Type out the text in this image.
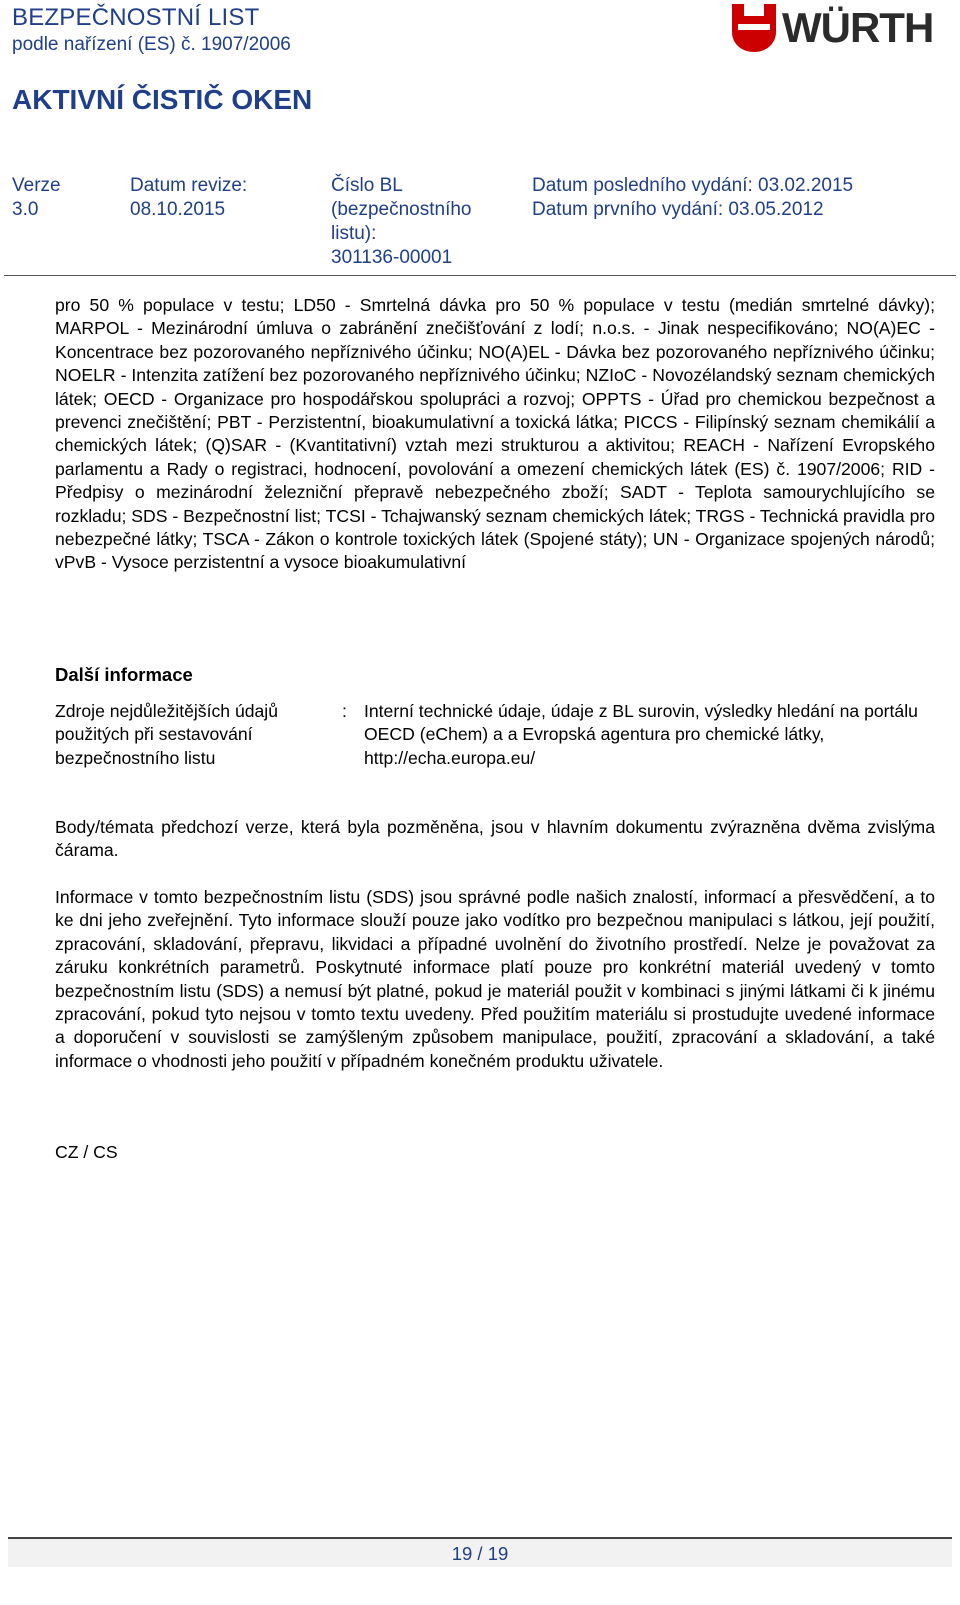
BEZPEČNOSTNÍ LIST
podle nařízení (ES) č. 1907/2006
AKTIVNÍ ČISTIČ OKEN
WÜRTH
Verze
3.0
Datum revize:
08.10.2015
Číslo BL
(bezpečnostního
listu):
301136-00001
Datum posledního vydání: 03.02.2015
Datum prvního vydání: 03.05.2012
pro 50 % populace v testu; LD50 - Smrtelná dávka pro 50 % populace v testu (medián smrtelné dávky); MARPOL - Mezinárodní úmluva o zabránění znečišťování z lodí; n.o.s. - Jinak nespecifikováno; NO(A)EC - Koncentrace bez pozorovaného nepříznivého účinku; NO(A)EL - Dávka bez pozorovaného nepříznivého účinku; NOELR - Intenzita zatížení bez pozorovaného nepříznivého účinku; NZIoC - Novozélandský seznam chemických látek; OECD - Organizace pro hospodářskou spolupráci a rozvoj; OPPTS - Úřad pro chemickou bezpečnost a prevenci znečištění; PBT - Perzistentní, bioakumulativní a toxická látka; PICCS - Filipínský seznam chemikálií a chemických látek; (Q)SAR - (Kvantitativní) vztah mezi strukturou a aktivitou; REACH - Nařízení Evropského parlamentu a Rady o registraci, hodnocení, povolování a omezení chemických látek (ES) č. 1907/2006; RID - Předpisy o mezinárodní železniční přepravě nebezpečného zboží; SADT - Teplota samourychlujícího se rozkladu; SDS - Bezpečnostní list; TCSI - Tchajwanský seznam chemických látek; TRGS - Technická pravidla pro nebezpečné látky; TSCA - Zákon o kontrole toxických látek (Spojené státy); UN - Organizace spojených národů; vPvB - Vysoce perzistentní a vysoce bioakumulativní
Další informace
Zdroje nejdůležitějších údajů použitých při sestavování bezpečnostního listu
: Interní technické údaje, údaje z BL surovin, výsledky hledání na portálu OECD (eChem) a a Evropská agentura pro chemické látky, http://echa.europa.eu/
Body/témata předchozí verze, která byla pozměněna, jsou v hlavním dokumentu zvýrazněna dvěma zvislýma čárama.
Informace v tomto bezpečnostním listu (SDS) jsou správné podle našich znalostí, informací a přesvědčení, a to ke dni jeho zveřejnění. Tyto informace slouží pouze jako vodítko pro bezpečnou manipulaci s látkou, její použití, zpracování, skladování, přepravu, likvidaci a případné uvolnění do životního prostředí. Nelze je považovat za záruku konkrétních parametrů. Poskytnuté informace platí pouze pro konkrétní materiál uvedený v tomto bezpečnostním listu (SDS) a nemusí být platné, pokud je materiál použit v kombinaci s jinými látkami či k jinému zpracování, pokud tyto nejsou v tomto textu uvedeny. Před použitím materiálu si prostudujte uvedené informace a doporučení v souvislosti se zamýšleným způsobem manipulace, použití, zpracování a skladování, a také informace o vhodnosti jeho použití v případném konečném produktu uživatele.
CZ / CS
19 / 19
